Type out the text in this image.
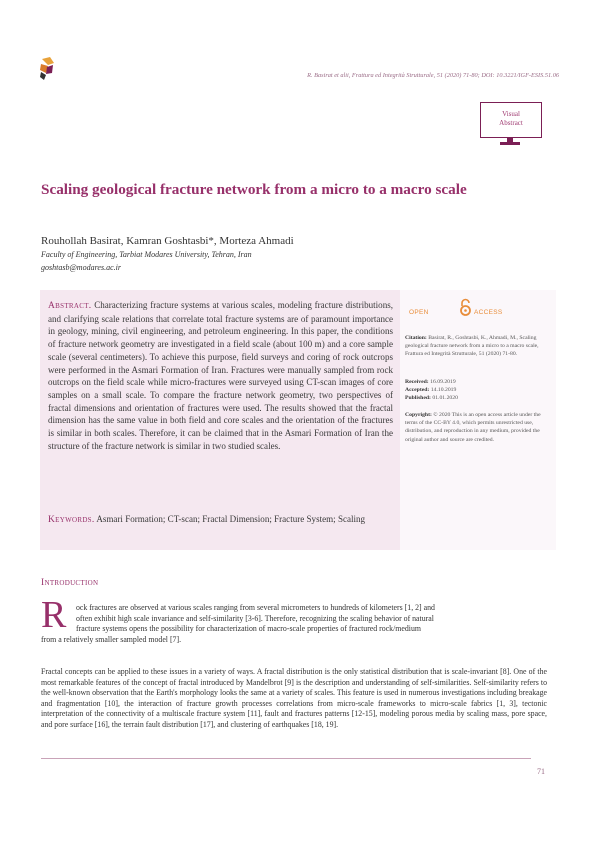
R. Basirat et alii, Frattura ed Integrità Strutturale, 51 (2020) 71-80; DOI: 10.3221/IGF-ESIS.51.06
Visual
Abstract
Scaling geological fracture network from a micro to a macro scale
Rouhollah Basirat, Kamran Goshtasbi*, Morteza Ahmadi
Faculty of Engineering, Tarbiat Modares University, Tehran, Iran
goshtasb@modares.ac.ir
Abstract. Characterizing fracture systems at various scales, modeling fracture distributions, and clarifying scale relations that correlate total fracture systems are of paramount importance in geology, mining, civil engineering, and petroleum engineering. In this paper, the conditions of fracture network geometry are investigated in a field scale (about 100 m) and a core sample scale (several centimeters). To achieve this purpose, field surveys and coring of rock outcrops were performed in the Asmari Formation of Iran. Fractures were manually sampled from rock outcrops on the field scale while micro-fractures were surveyed using CT-scan images of core samples on a small scale. To compare the fracture network geometry, two perspectives of fractal dimensions and orientation of fractures were used. The results showed that the fractal dimension has the same value in both field and core scales and the orientation of the fractures is similar in both scales. Therefore, it can be claimed that in the Asmari Formation of Iran the structure of the fracture network is similar in two studied scales.
Keywords. Asmari Formation; CT-scan; Fractal Dimension; Fracture System; Scaling
OPEN	ACCESS
Citation: Basirat, R., Goshtasbi, K., Ahmadi, M., Scaling geological fracture network from a micro to a macro scale, Frattura ed Integrità Strutturale, 51 (2020) 71-80.
Received: 16.09.2019
Accepted: 14.10.2019
Published: 01.01.2020
Copyright: © 2020 This is an open access article under the terms of the CC-BY 4.0, which permits unrestricted use, distribution, and reproduction in any medium, provided the original author and source are credited.
Introduction
R ock fractures are observed at various scales ranging from several micrometers to hundreds of kilometers [1, 2] and
often exhibit high scale invariance and self-similarity [3-6]. Therefore, recognizing the scaling behavior of natural
fracture systems opens the possibility for characterization of macro-scale properties of fractured rock/medium
from a relatively smaller sampled model [7].
Fractal concepts can be applied to these issues in a variety of ways. A fractal distribution is the only statistical distribution that is scale-invariant [8]. One of the most remarkable features of the concept of fractal introduced by Mandelbrot [9] is the description and understanding of self-similarities. Self-similarity refers to the well-known observation that the Earth's morphology looks the same at a variety of scales. This feature is used in numerous investigations including breakage and fragmentation [10], the interaction of fracture growth processes correlations from micro-scale frameworks to micro-scale fabrics [1, 3], tectonic interpretation of the connectivity of a multiscale fracture system [11], fault and fractures patterns [12-15], modeling porous media by scaling mass, pore space, and pore surface [16], the terrain fault distribution [17], and clustering of earthquakes [18, 19].
71
